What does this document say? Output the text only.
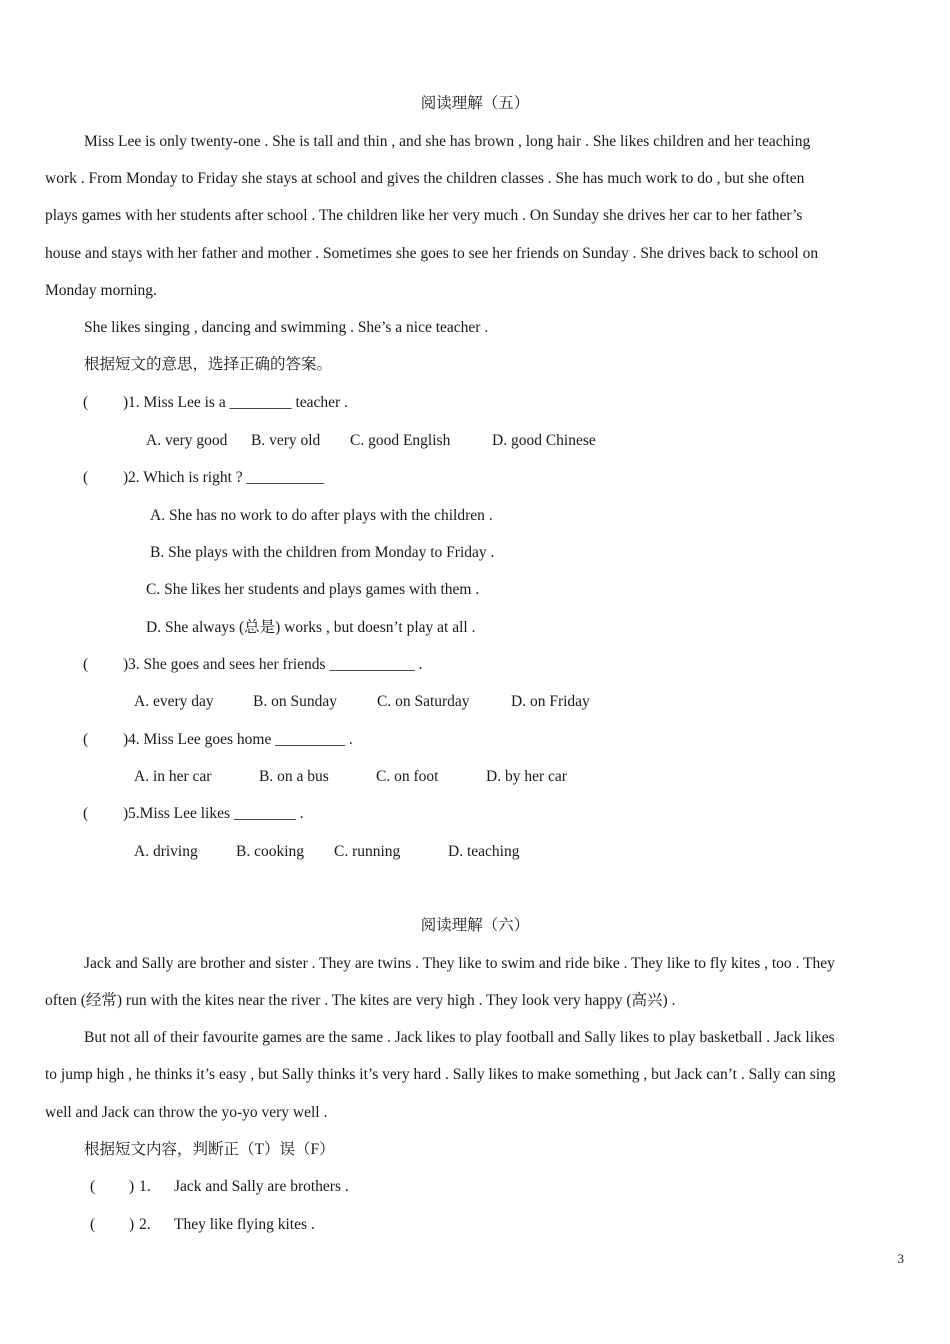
阅读理解（五）
Miss Lee is only twenty-one . She is tall and thin , and she has brown , long hair . She likes children and her teaching
work . From Monday to Friday she stays at school and gives the children classes . She has much work to do , but she often
plays games with her students after school . The children like her very much . On Sunday she drives her car to her father’s
house and stays with her father and mother . Sometimes she goes to see her friends on Sunday . She drives back to school on
Monday morning.
She likes singing , dancing and swimming . She’s a nice teacher .
根据短文的意思，选择正确的答案。
( ) 1. Miss Lee is a ________ teacher .
A. very good B. very old C. good English	D. good Chinese
( ) 2. Which is right ? __________
A. She has no work to do after plays with the children .
B. She plays with the children from Monday to Friday .
C. She likes her students and plays games with them .
D. She always (总是) works , but doesn’t play at all .
( ) 3. She goes and sees her friends ___________ .
A. every day	B. on Sunday	C. on Saturday	D. on Friday
( ) 4. Miss Lee goes home _________ .
A. in her car	B. on a bus	C. on foot	D. by her car
( ) 5.Miss Lee likes ________ .
A. driving B. cooking C. running	D. teaching
阅读理解（六）
Jack and Sally are brother and sister . They are twins . They like to swim and ride bike . They like to fly kites , too . They
often (经常) run with the kites near the river . The kites are very high . They look very happy (高兴) .
But not all of their favourite games are the same . Jack likes to play football and Sally likes to play basketball . Jack likes
to jump high , he thinks it’s easy , but Sally thinks it’s very hard . Sally likes to make something , but Jack can’t . Sally can sing
well and Jack can throw the yo-yo very well .
根据短文内容，判断正（T）误（F）
( ) 1. Jack and Sally are brothers .
( ) 2. They like flying kites .
3
